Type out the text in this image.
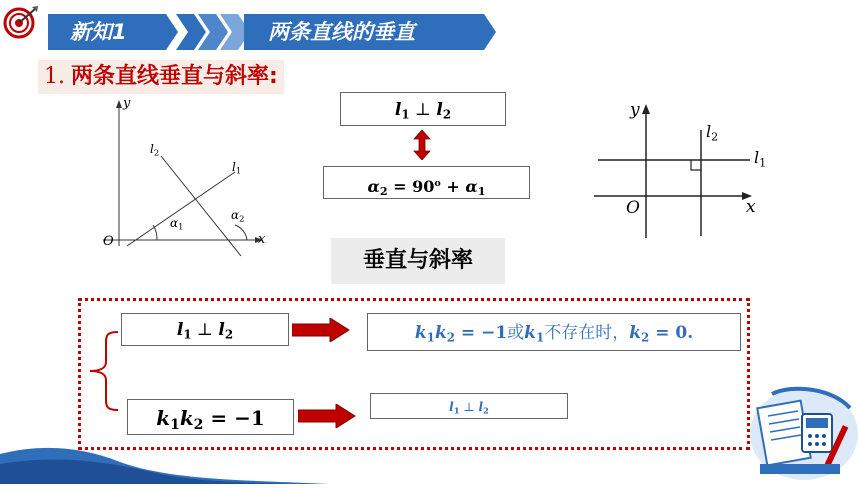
新知1	两条直线的垂直
1. 两条直线垂直与斜率:
y
x
O
$l_1$
$l_2$
$\alpha_1$
$\alpha_2$
$l_1$ ⊥ $l_2$
$\alpha_2 = 90^o + \alpha_1$
y
x
O
$l_1$
$l_2$
垂直与斜率
$l_1$ ⊥ $l_2$	$k_1k_2 = -1$或$k_1$不存在时，$k_2 = 0$.
$k_1k_2 = -1$	$l_1$ ⊥ $l_2$
